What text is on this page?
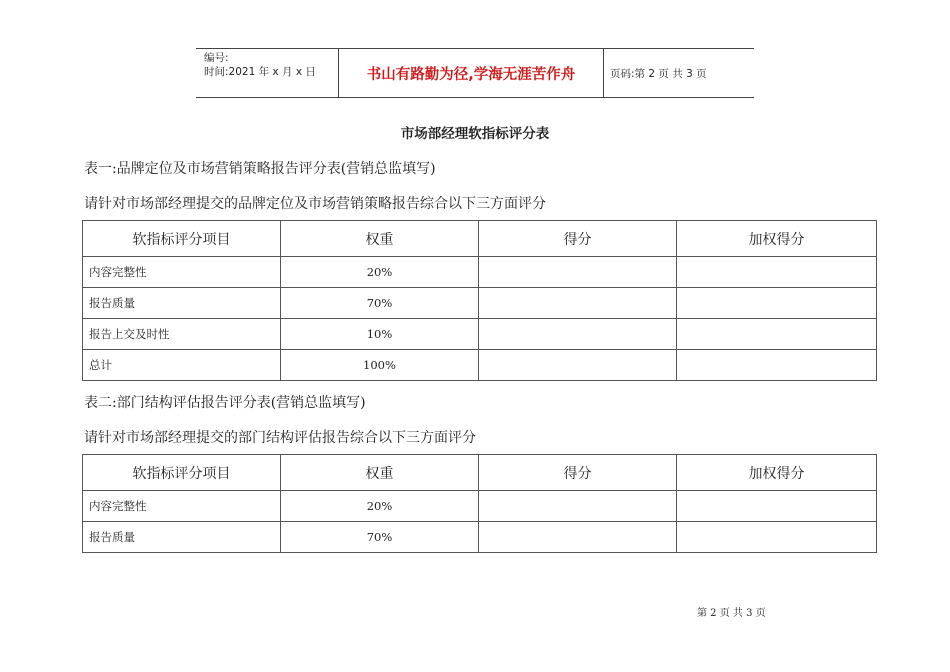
编号:
时间:2021 年 x 月 x 日	书山有路勤为径,学海无涯苦作舟	页码:第 2 页 共 3 页
市场部经理软指标评分表
表一:品牌定位及市场营销策略报告评分表(营销总监填写)
请针对市场部经理提交的品牌定位及市场营销策略报告综合以下三方面评分
软指标评分项目	权重	得分	加权得分
内容完整性	20%		
报告质量	70%		
报告上交及时性	10%		
总计	100%		
表二:部门结构评估报告评分表(营销总监填写)
请针对市场部经理提交的部门结构评估报告综合以下三方面评分
软指标评分项目	权重	得分	加权得分
内容完整性	20%		
报告质量	70%		
第 2 页 共 3 页
